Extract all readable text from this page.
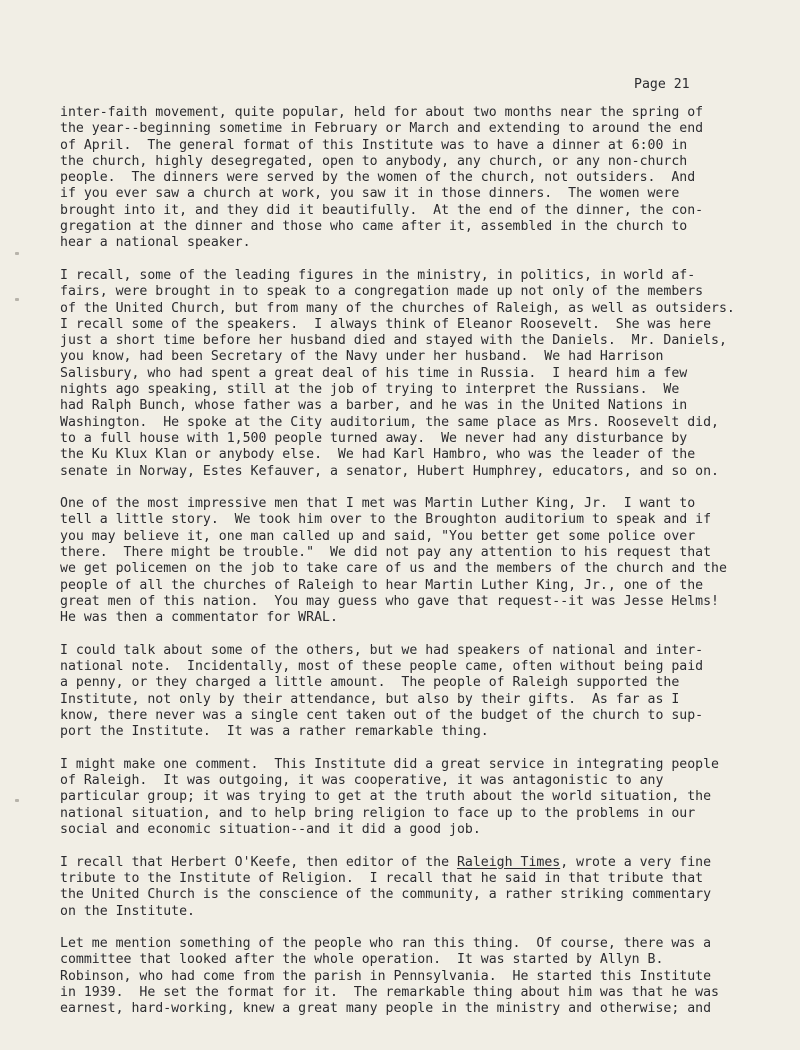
Page 21
inter-faith movement, quite popular, held for about two months near the spring of
the year--beginning sometime in February or March and extending to around the end
of April.  The general format of this Institute was to have a dinner at 6:00 in
the church, highly desegregated, open to anybody, any church, or any non-church
people.  The dinners were served by the women of the church, not outsiders.  And
if you ever saw a church at work, you saw it in those dinners.  The women were
brought into it, and they did it beautifully.  At the end of the dinner, the con-
gregation at the dinner and those who came after it, assembled in the church to
hear a national speaker.
I recall, some of the leading figures in the ministry, in politics, in world af-
fairs, were brought in to speak to a congregation made up not only of the members
of the United Church, but from many of the churches of Raleigh, as well as outsiders.
I recall some of the speakers.  I always think of Eleanor Roosevelt.  She was here
just a short time before her husband died and stayed with the Daniels.  Mr. Daniels,
you know, had been Secretary of the Navy under her husband.  We had Harrison
Salisbury, who had spent a great deal of his time in Russia.  I heard him a few
nights ago speaking, still at the job of trying to interpret the Russians.  We
had Ralph Bunch, whose father was a barber, and he was in the United Nations in
Washington.  He spoke at the City auditorium, the same place as Mrs. Roosevelt did,
to a full house with 1,500 people turned away.  We never had any disturbance by
the Ku Klux Klan or anybody else.  We had Karl Hambro, who was the leader of the
senate in Norway, Estes Kefauver, a senator, Hubert Humphrey, educators, and so on.
One of the most impressive men that I met was Martin Luther King, Jr.  I want to
tell a little story.  We took him over to the Broughton auditorium to speak and if
you may believe it, one man called up and said, "You better get some police over
there.  There might be trouble."  We did not pay any attention to his request that
we get policemen on the job to take care of us and the members of the church and the
people of all the churches of Raleigh to hear Martin Luther King, Jr., one of the
great men of this nation.  You may guess who gave that request--it was Jesse Helms!
He was then a commentator for WRAL.
I could talk about some of the others, but we had speakers of national and inter-
national note.  Incidentally, most of these people came, often without being paid
a penny, or they charged a little amount.  The people of Raleigh supported the
Institute, not only by their attendance, but also by their gifts.  As far as I
know, there never was a single cent taken out of the budget of the church to sup-
port the Institute.  It was a rather remarkable thing.
I might make one comment.  This Institute did a great service in integrating people
of Raleigh.  It was outgoing, it was cooperative, it was antagonistic to any
particular group; it was trying to get at the truth about the world situation, the
national situation, and to help bring religion to face up to the problems in our
social and economic situation--and it did a good job.
I recall that Herbert O'Keefe, then editor of the Raleigh Times, wrote a very fine
tribute to the Institute of Religion.  I recall that he said in that tribute that
the United Church is the conscience of the community, a rather striking commentary
on the Institute.
Let me mention something of the people who ran this thing.  Of course, there was a
committee that looked after the whole operation.  It was started by Allyn B.
Robinson, who had come from the parish in Pennsylvania.  He started this Institute
in 1939.  He set the format for it.  The remarkable thing about him was that he was
earnest, hard-working, knew a great many people in the ministry and otherwise; and
